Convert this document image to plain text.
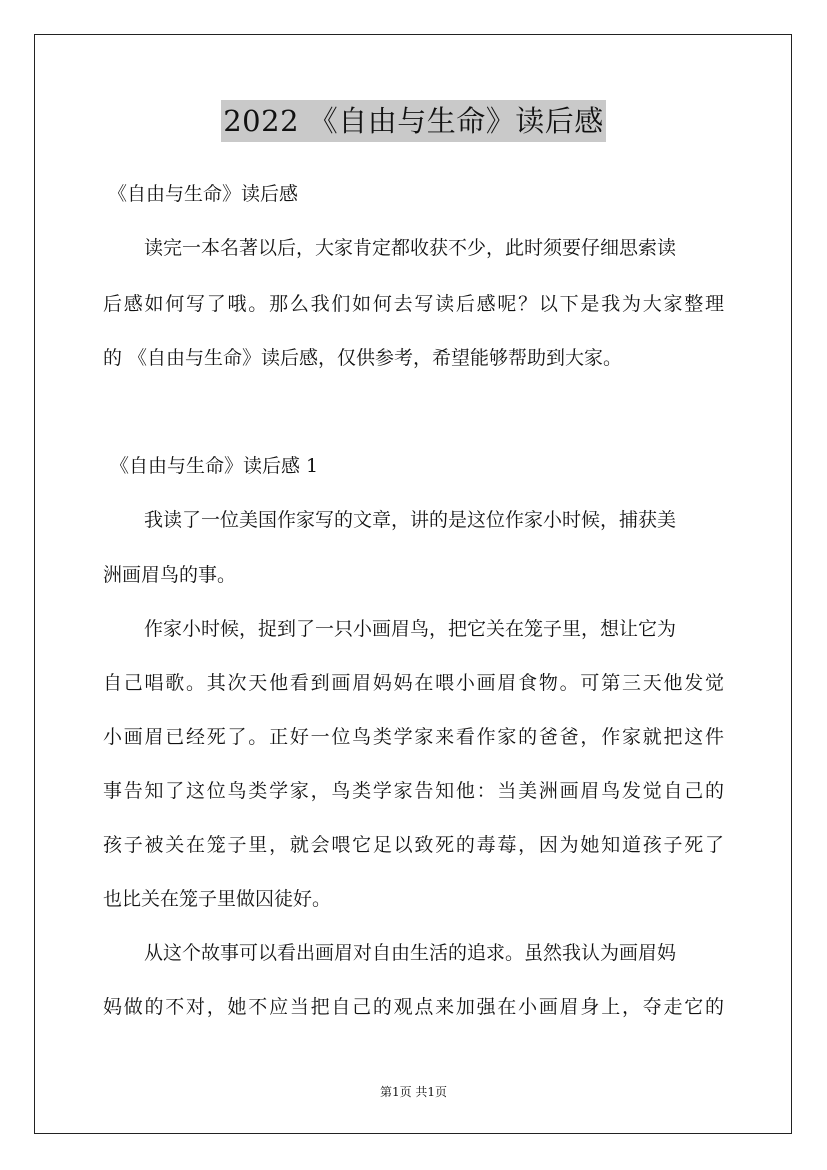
2022 《自由与生命》读后感
《自由与生命》读后感
读完一本名著以后，大家肯定都收获不少，此时须要仔细思索读
后感如何写了哦。那么我们如何去写读后感呢？以下是我为大家整理
的 《自由与生命》读后感，仅供参考，希望能够帮助到大家。
《自由与生命》读后感 1
我读了一位美国作家写的文章，讲的是这位作家小时候，捕获美
洲画眉鸟的事。
作家小时候，捉到了一只小画眉鸟，把它关在笼子里，想让它为
自己唱歌。其次天他看到画眉妈妈在喂小画眉食物。可第三天他发觉
小画眉已经死了。正好一位鸟类学家来看作家的爸爸，作家就把这件
事告知了这位鸟类学家，鸟类学家告知他：当美洲画眉鸟发觉自己的
孩子被关在笼子里，就会喂它足以致死的毒莓，因为她知道孩子死了
也比关在笼子里做囚徒好。
从这个故事可以看出画眉对自由生活的追求。虽然我认为画眉妈
妈做的不对，她不应当把自己的观点来加强在小画眉身上，夺走它的
第1页 共1页
